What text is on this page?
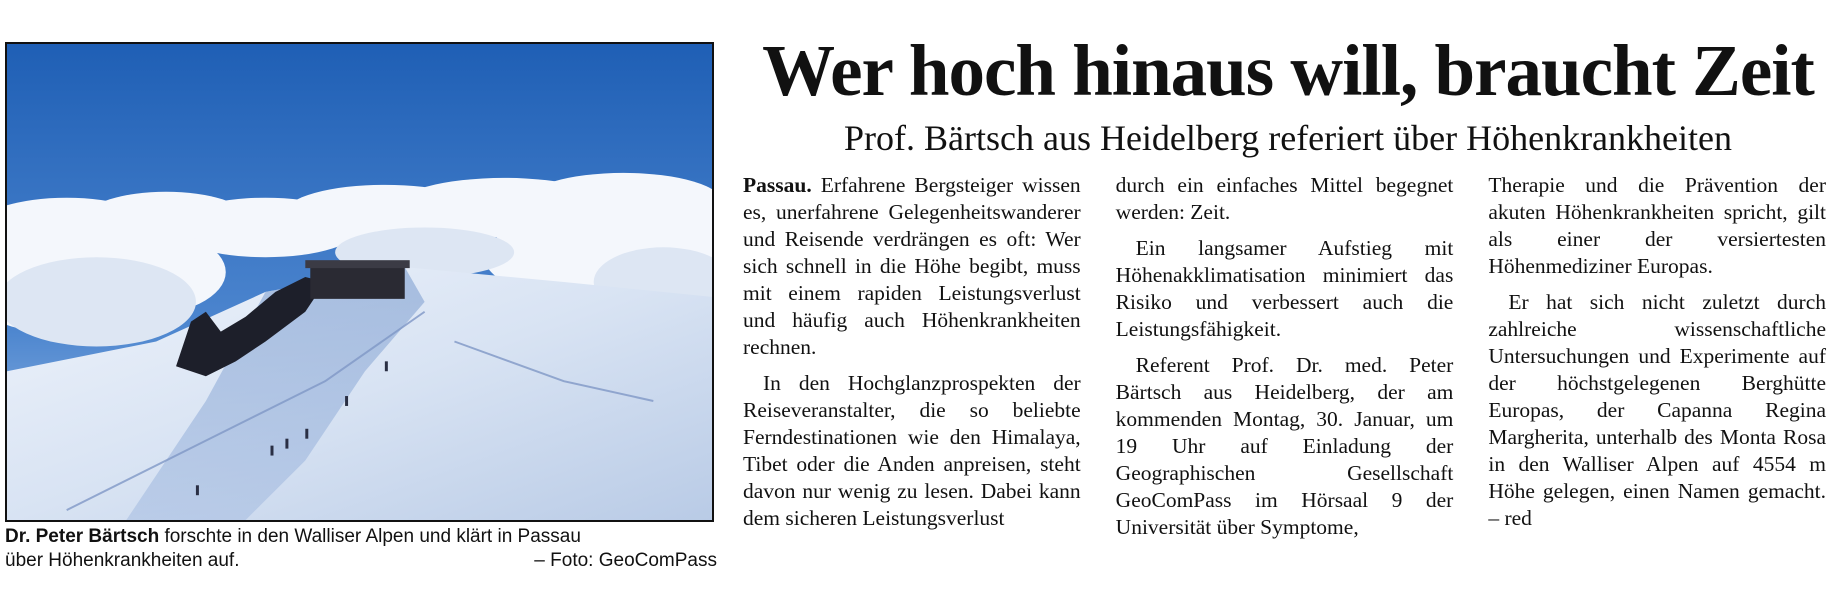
Dr. Peter Bärtsch forschte in den Walliser Alpen und klärt in Passau
über Höhenkrankheiten auf.	– Foto: GeoComPass
Wer hoch hinaus will, braucht Zeit
Prof. Bärtsch aus Heidelberg referiert über Höhenkrankheiten

Passau. Erfahrene Bergsteiger wissen es, unerfahrene Gelegenheitswanderer und Reisende verdrängen es oft: Wer sich schnell in die Höhe begibt, muss mit einem rapiden Leistungsverlust und häufig auch Höhenkrankheiten rechnen.

In den Hochglanzprospekten der Reiseveranstalter, die so beliebte Ferndestinationen wie den Himalaya, Tibet oder die Anden anpreisen, steht davon nur wenig zu lesen. Dabei kann dem sicheren Leistungsverlust

durch ein einfaches Mittel begegnet werden: Zeit.

Ein langsamer Aufstieg mit Höhenakklimatisation minimiert das Risiko und verbessert auch die Leistungsfähigkeit.

Referent Prof. Dr. med. Peter Bärtsch aus Heidelberg, der am kommenden Montag, 30. Januar, um 19 Uhr auf Einladung der Geographischen Gesellschaft GeoComPass im Hörsaal 9 der Universität über Symptome,

Therapie und die Prävention der akuten Höhenkrankheiten spricht, gilt als einer der versiertesten Höhenmediziner Europas.

Er hat sich nicht zuletzt durch zahlreiche wissenschaftliche Untersuchungen und Experimente auf der höchstgelegenen Berghütte Europas, der Capanna Regina Margherita, unterhalb des Monta Rosa in den Walliser Alpen auf 4554 m Höhe gelegen, einen Namen gemacht. – red
